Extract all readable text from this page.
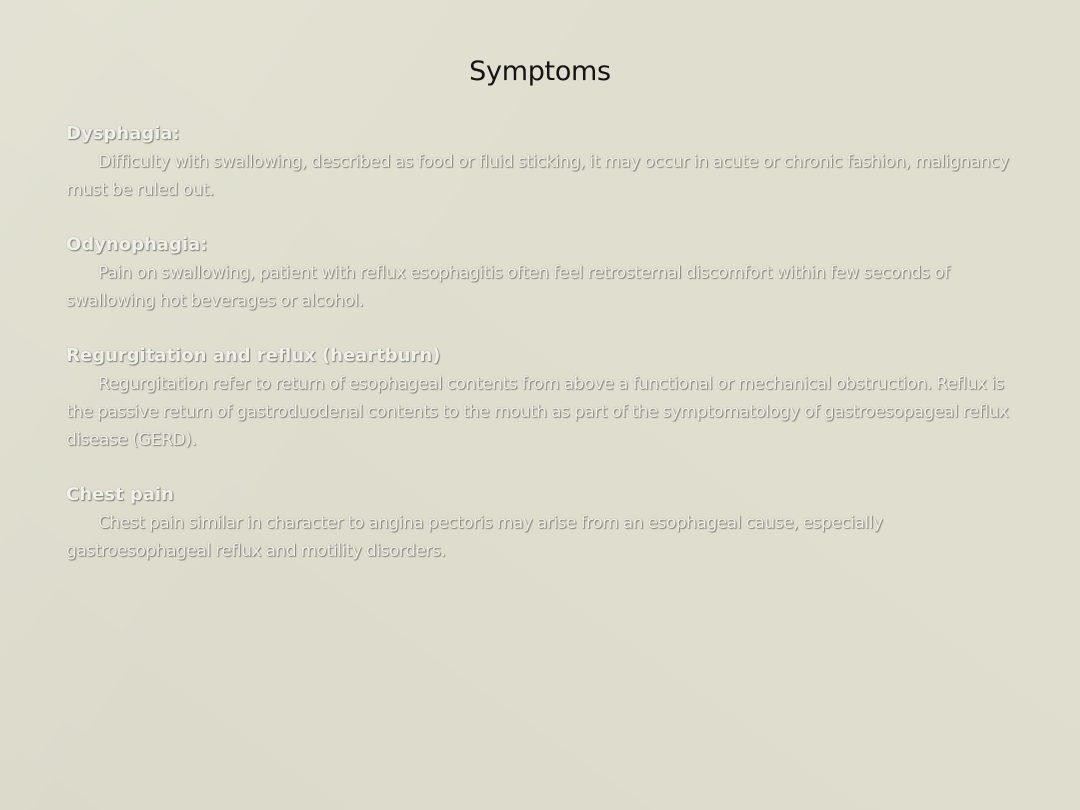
Symptoms
Dysphagia:
Difficulty with swallowing, described as food or fluid sticking, it may occur in acute or chronic fashion, malignancy must be ruled out.
Odynophagia:
Pain on swallowing, patient with reflux esophagitis often feel retrosternal discomfort within few seconds of swallowing hot beverages or alcohol.
Regurgitation and reflux (heartburn)
Regurgitation refer to return of esophageal contents from above a functional or mechanical obstruction. Reflux is the passive return of gastroduodenal contents to the mouth as part of the symptomatology of gastroesopageal reflux disease (GERD).
Chest pain
Chest pain similar in character to angina pectoris may arise from an esophageal cause, especially gastroesophageal reflux and motility disorders.
